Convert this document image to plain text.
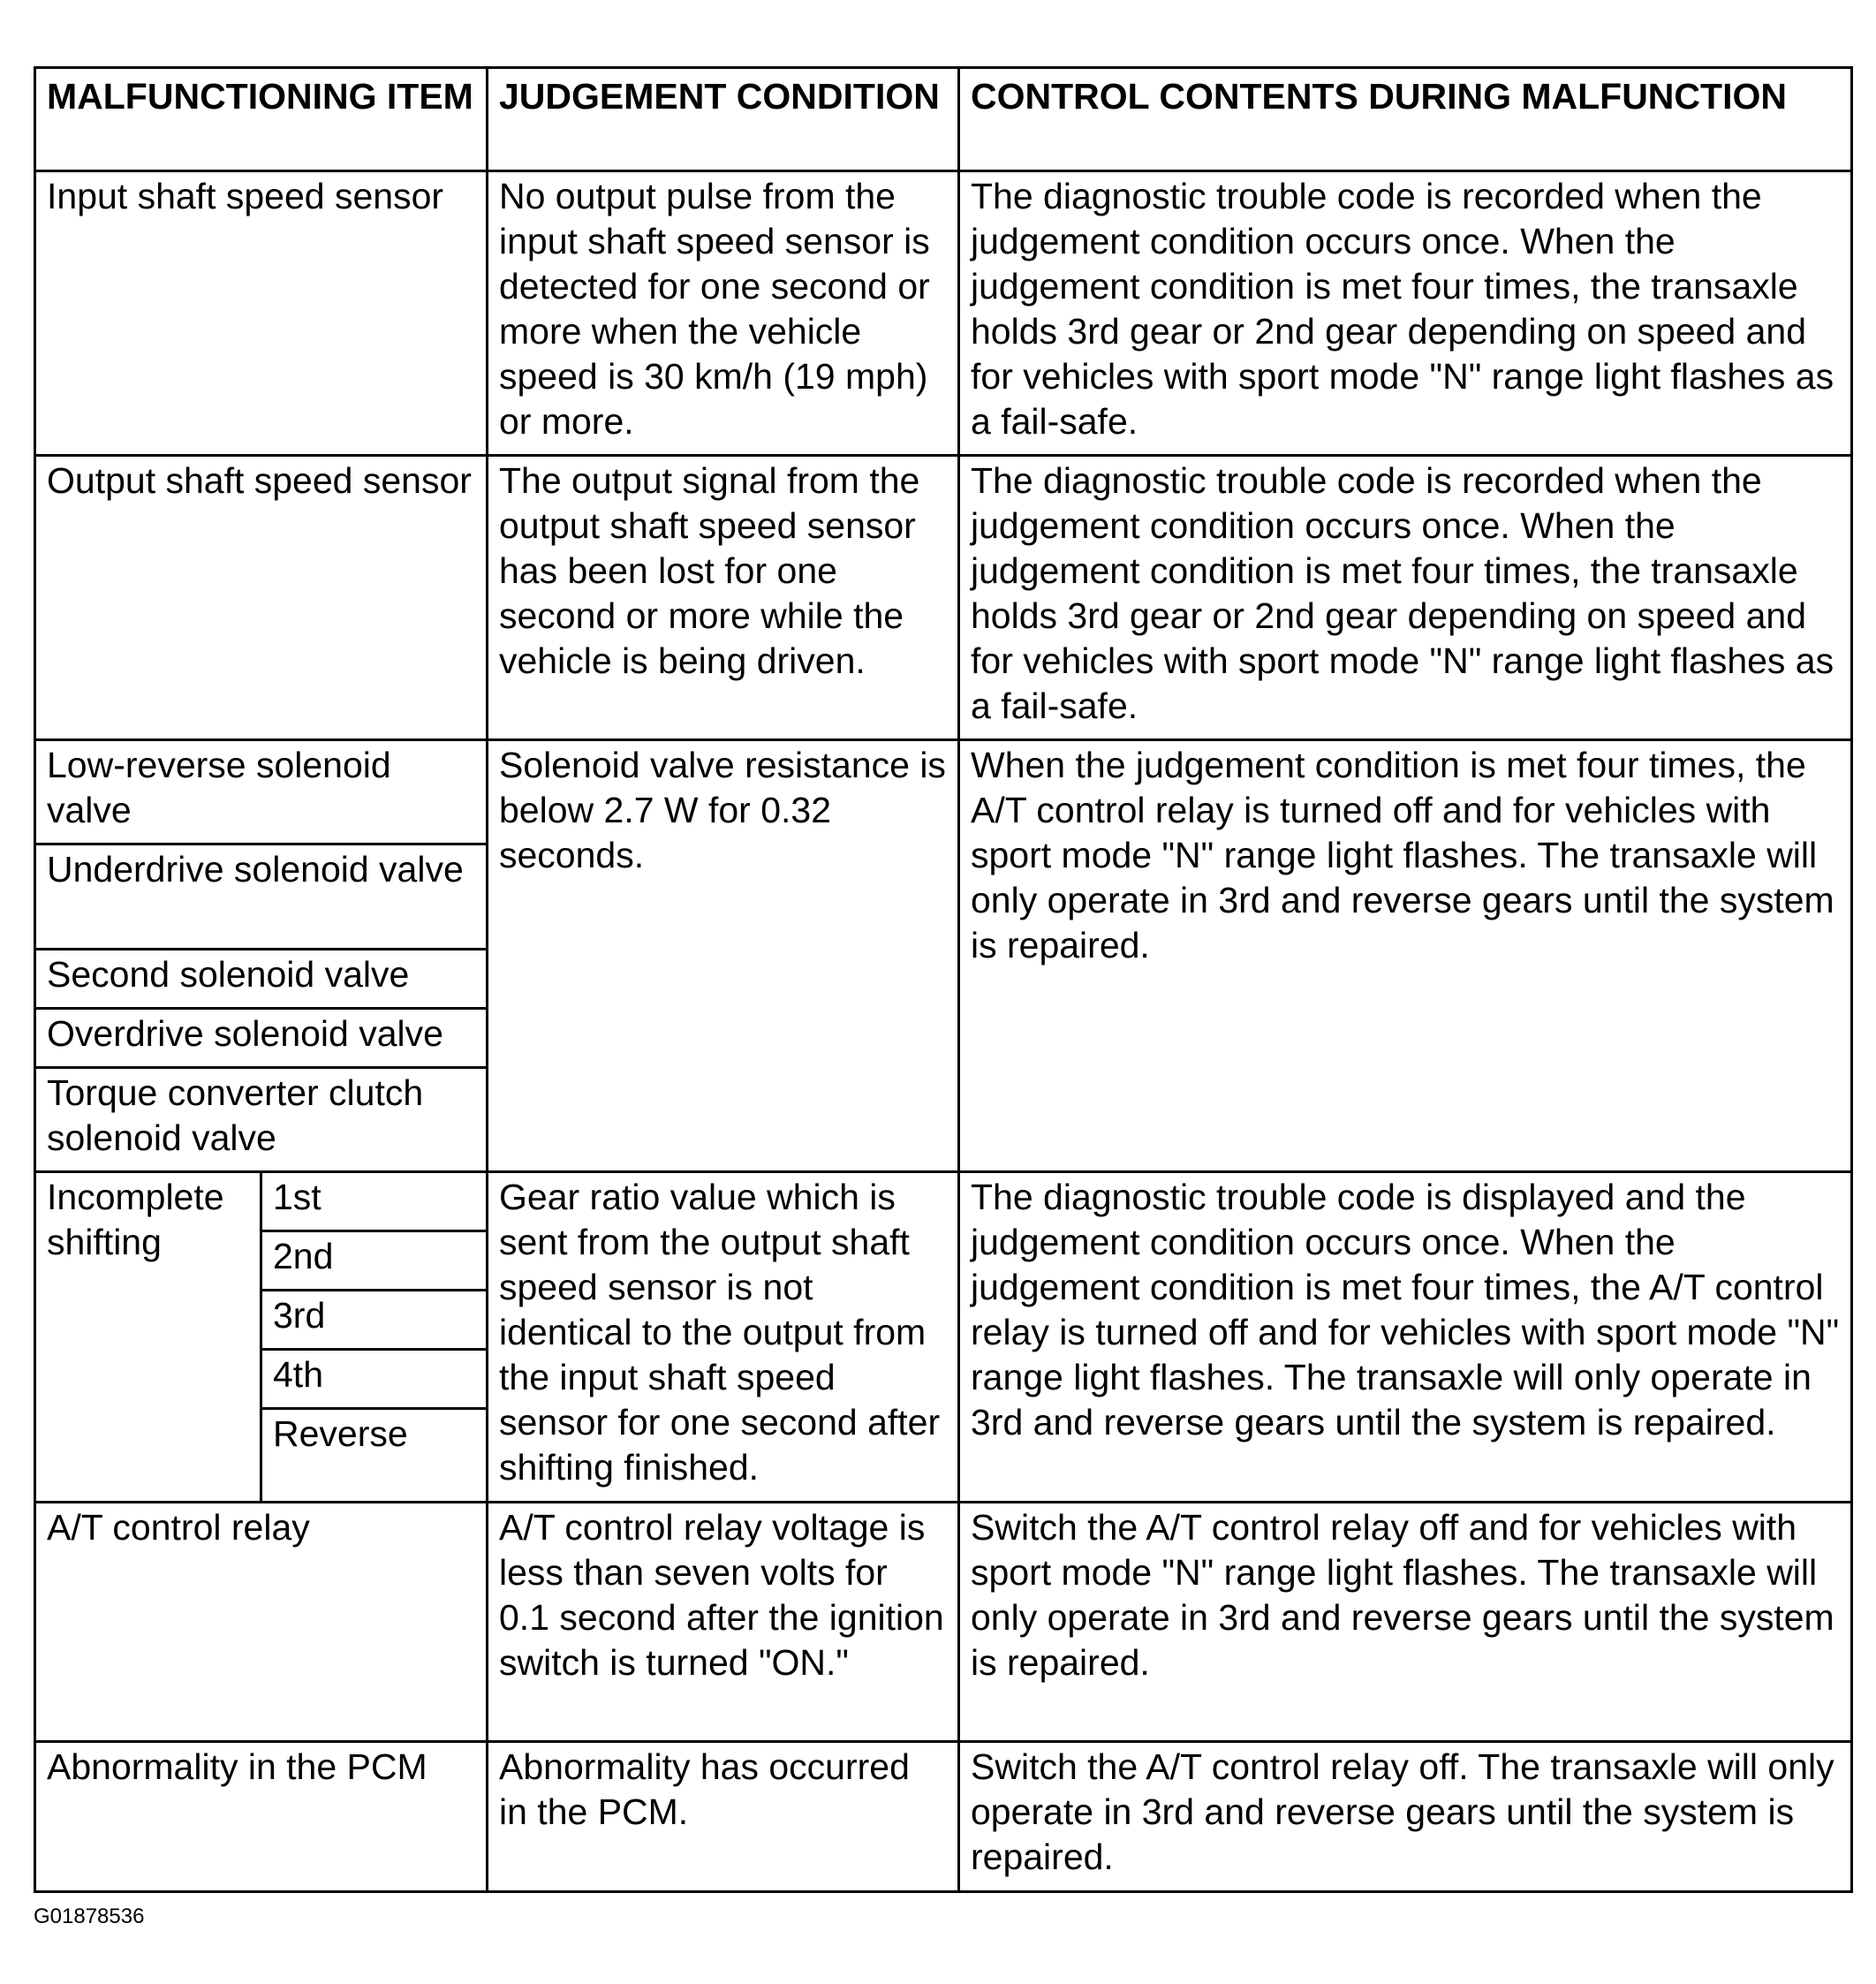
MALFUNCTIONING ITEM		JUDGEMENT CONDITION	CONTROL CONTENTS DURING MALFUNCTION
Input shaft speed sensor		No output pulse from the input shaft speed sensor is detected for one second or more when the vehicle speed is 30 km/h (19 mph) or more.	The diagnostic trouble code is recorded when the judgement condition occurs once. When the judgement condition is met four times, the transaxle holds 3rd gear or 2nd gear depending on speed and for vehicles with sport mode "N" range light flashes as a fail-safe.
Output shaft speed sensor		The output signal from the output shaft speed sensor has been lost for one second or more while the vehicle is being driven.	The diagnostic trouble code is recorded when the judgement condition occurs once. When the judgement condition is met four times, the transaxle holds 3rd gear or 2nd gear depending on speed and for vehicles with sport mode "N" range light flashes as a fail-safe.
Low-reverse solenoid valve		Solenoid valve resistance is below 2.7 W for 0.32 seconds.	When the judgement condition is met four times, the A/T control relay is turned off and for vehicles with sport mode "N" range light flashes. The transaxle will only operate in 3rd and reverse gears until the system is repaired.
Underdrive solenoid valve			
Second solenoid valve			
Overdrive solenoid valve			
Torque converter clutch solenoid valve			
Incomplete shifting	1st	Gear ratio value which is sent from the output shaft speed sensor is not identical to the output from the input shaft speed sensor for one second after shifting finished.	The diagnostic trouble code is displayed and the judgement condition occurs once. When the judgement condition is met four times, the A/T control relay is turned off and for vehicles with sport mode "N" range light flashes. The transaxle will only operate in 3rd and reverse gears until the system is repaired.
	2nd		
	3rd		
	4th		
	Reverse		
A/T control relay		A/T control relay voltage is less than seven volts for 0.1 second after the ignition switch is turned "ON."	Switch the A/T control relay off and for vehicles with sport mode "N" range light flashes. The transaxle will only operate in 3rd and reverse gears until the system is repaired.
Abnormality in the PCM		Abnormality has occurred in the PCM.	Switch the A/T control relay off. The transaxle will only operate in 3rd and reverse gears until the system is repaired.
G01878536
